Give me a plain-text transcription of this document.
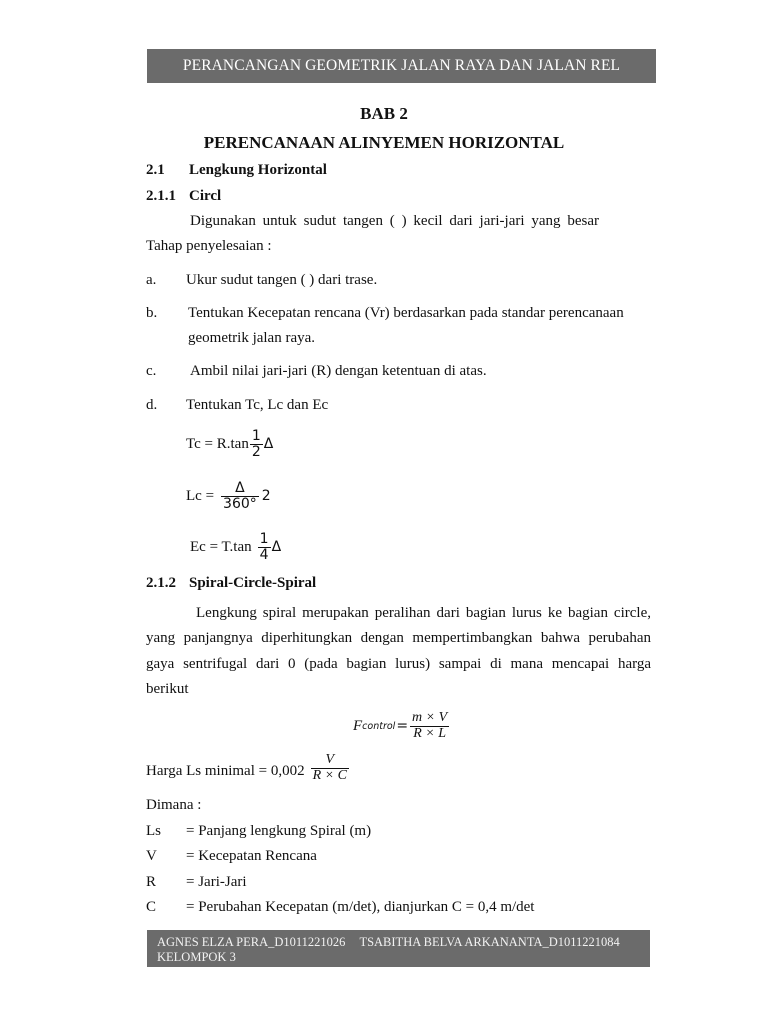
PERANCANGAN GEOMETRIK JALAN RAYA DAN JALAN REL
BAB 2
PERENCANAAN ALINYEMEN HORIZONTAL
2.1 Lengkung Horizontal
2.1.1 Circl
Digunakan untuk sudut tangen ( ) kecil dari jari-jari yang besar
Tahap penyelesaian :
a. Ukur sudut tangen ( ) dari trase.
b. Tentukan Kecepatan rencana (Vr) berdasarkan pada standar perencanaan
geometrik jalan raya.
c. Ambil nilai jari-jari (R) dengan ketentuan di atas.
d. Tentukan Tc, Lc dan Ec
$Tc = R.\tan \frac{1}{2}$ Δ
$Lc = \frac{\Delta}{360^\circ} 2$
$Ec = T.\tan \frac{1}{4}$ Δ
2.1.2 Spiral-Circle-Spiral
Lengkung spiral merupakan peralihan dari bagian lurus ke bagian circle,
yang panjangnya diperhitungkan dengan mempertimbangkan bahwa perubahan
gaya sentrifugal dari 0 (pada bagian lurus) sampai di mana mencapai harga
berikut
F control = $\frac{m \times V}{R \times L}$
Harga Ls minimal = $0,002 \frac{V}{R \times C}$
Dimana :
Ls = Panjang lengkung Spiral (m)
V = Kecepatan Rencana
R = Jari-Jari
C = Perubahan Kecepatan (m/det), dianjurkan C = 0,4 m/det
AGNES ELZA PERA_D1011221026 TSABITHA BELVA ARKANANTA_D1011221084
KELOMPOK 3
